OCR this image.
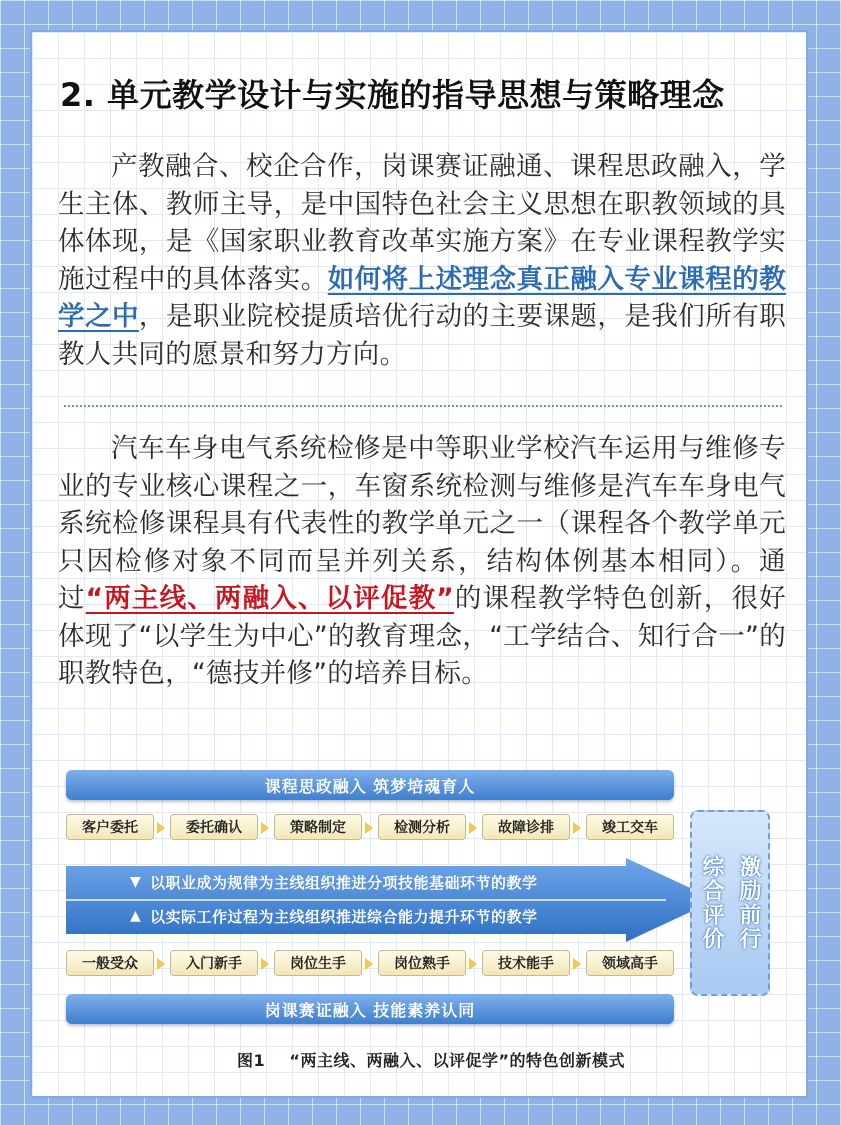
2. 单元教学设计与实施的指导思想与策略理念
产教融合、校企合作，岗课赛证融通、课程思政融入，学生主体、教师主导，是中国特色社会主义思想在职教领域的具体体现，是《国家职业教育改革实施方案》在专业课程教学实施过程中的具体落实。如何将上述理念真正融入专业课程的教学之中，是职业院校提质培优行动的主要课题，是我们所有职教人共同的愿景和努力方向。
汽车车身电气系统检修是中等职业学校汽车运用与维修专业的专业核心课程之一，车窗系统检测与维修是汽车车身电气系统检修课程具有代表性的教学单元之一（课程各个教学单元只因检修对象不同而呈并列关系，结构体例基本相同）。通过“两主线、两融入、以评促教”的课程教学特色创新，很好体现了“以学生为中心”的教育理念，“工学结合、知行合一”的职教特色，“德技并修”的培养目标。
课程思政融入 筑梦培魂育人
客户委托	委托确认	策略制定	检测分析	故障诊排	竣工交车
▼ 以职业成为规律为主线组织推进分项技能基础环节的教学
▲ 以实际工作过程为主线组织推进综合能力提升环节的教学
一般受众	入门新手	岗位生手	岗位熟手	技术能手	领域高手
岗课赛证融入 技能素养认同
综合评价 激励前行
图1    “两主线、两融入、以评促学”的特色创新模式
